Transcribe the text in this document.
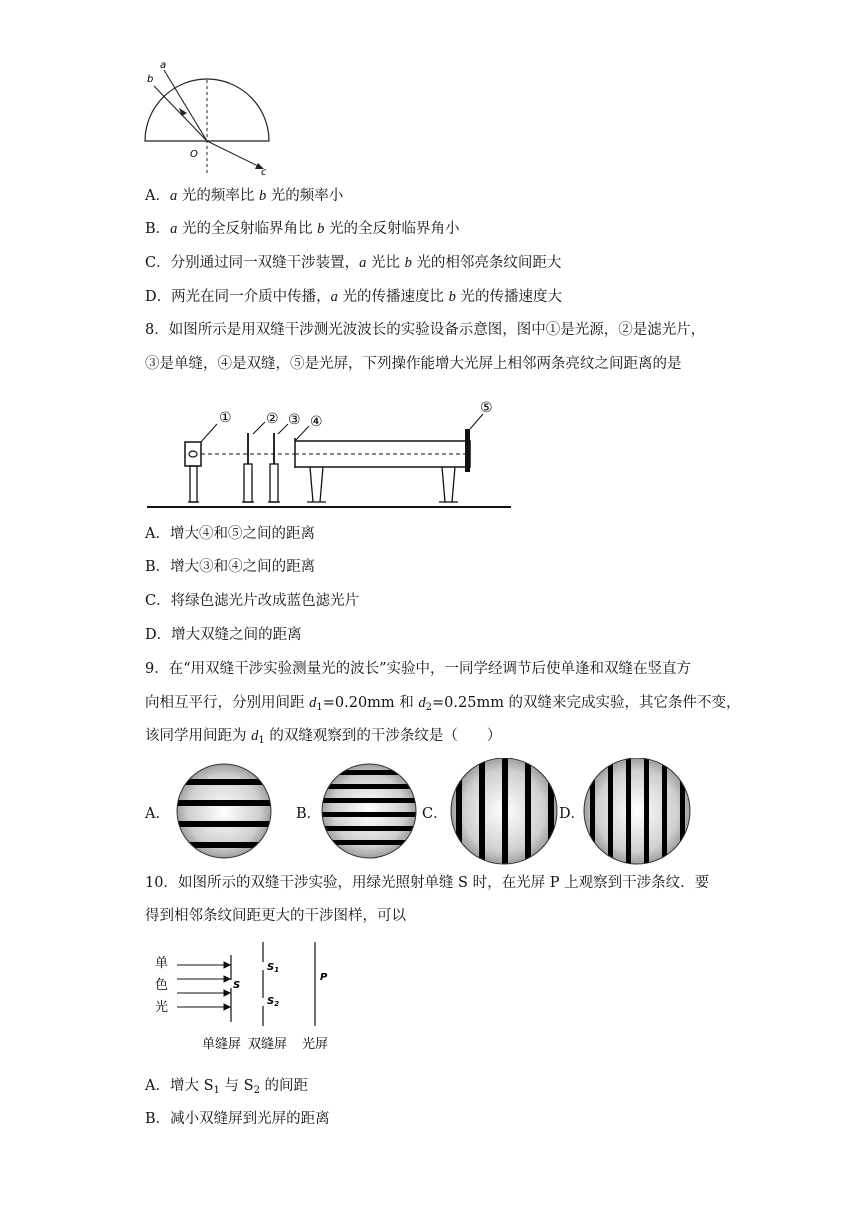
a
b
O
c
A．a 光的频率比 b 光的频率小
B．a 光的全反射临界角比 b 光的全反射临界角小
C．分别通过同一双缝干涉装置，a 光比 b 光的相邻亮条纹间距大
D．两光在同一介质中传播，a 光的传播速度比 b 光的传播速度大
8．如图所示是用双缝干涉测光波波长的实验设备示意图，图中①是光源，②是滤光片，
③是单缝，④是双缝，⑤是光屏，下列操作能增大光屏上相邻两条亮纹之间距离的是
① ② ③ ④
⑤
A．增大④和⑤之间的距离
B．增大③和④之间的距离
C．将绿色滤光片改成蓝色滤光片
D．增大双缝之间的距离
9．在“用双缝干涉实验测量光的波长”实验中，一同学经调节后使单逢和双缝在竖直方
向相互平行，分别用间距 $d_1=0.20mm$ 和 $d_2=0.25mm$ 的双缝来完成实验，其它条件不变，
该同学用间距为 $d_1$ 的双缝观察到的干涉条纹是（　　）
A．	B．	C．	D．
10．如图所示的双缝干涉实验，用绿光照射单缝 S 时，在光屏 P 上观察到干涉条纹．要
得到相邻条纹间距更大的干涉图样，可以
单
色
光
S
$S_1$
$S_2$
P
单缝屏 双缝屏 光屏
A．增大 $S_1$ 与 $S_2$ 的间距
B．减小双缝屏到光屏的距离
